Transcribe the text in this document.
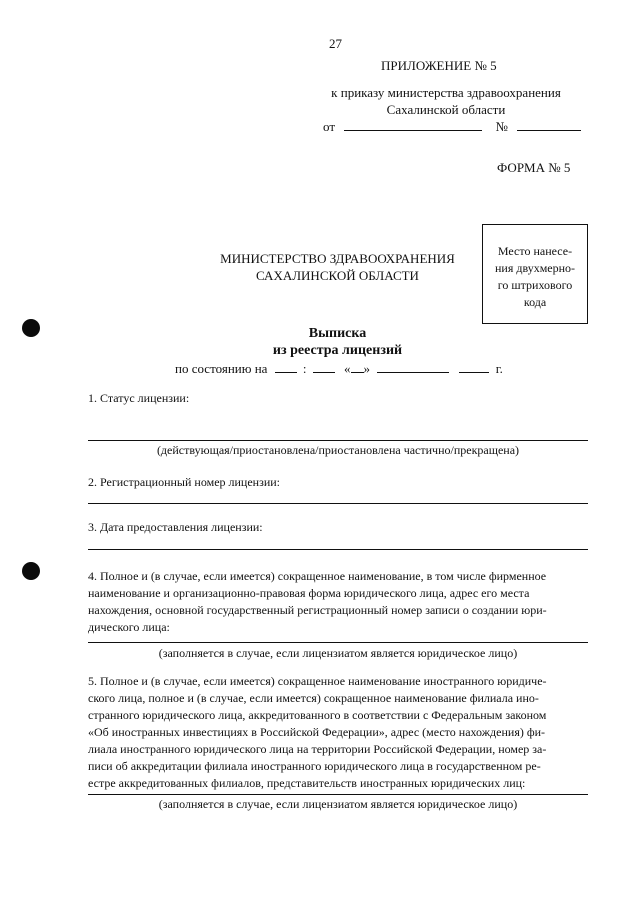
27
ПРИЛОЖЕНИЕ № 5
к приказу министерства здравоохранения
Сахалинской области
от	№
ФОРМА № 5
МИНИСТЕРСТВО ЗДРАВООХРАНЕНИЯ
САХАЛИНСКОЙ ОБЛАСТИ
Место нанесе-
ния двухмерно-
го штрихового
кода
Выписка
из реестра лицензий
по состоянию на	:	« »	г.
1. Статус лицензии:
(действующая/приостановлена/приостановлена частично/прекращена)
2. Регистрационный номер лицензии:
3. Дата предоставления лицензии:
4. Полное и (в случае, если имеется) сокращенное наименование, в том числе фирменное
наименование и организационно-правовая форма юридического лица, адрес его места
нахождения, основной государственный регистрационный номер записи о создании юри-
дического лица:
(заполняется в случае, если лицензиатом является юридическое лицо)
5. Полное и (в случае, если имеется) сокращенное наименование иностранного юридиче-
ского лица, полное и (в случае, если имеется) сокращенное наименование филиала ино-
странного юридического лица, аккредитованного в соответствии с Федеральным законом
«Об иностранных инвестициях в Российской Федерации», адрес (место нахождения) фи-
лиала иностранного юридического лица на территории Российской Федерации, номер за-
писи об аккредитации филиала иностранного юридического лица в государственном ре-
естре аккредитованных филиалов, представительств иностранных юридических лиц:
(заполняется в случае, если лицензиатом является юридическое лицо)
